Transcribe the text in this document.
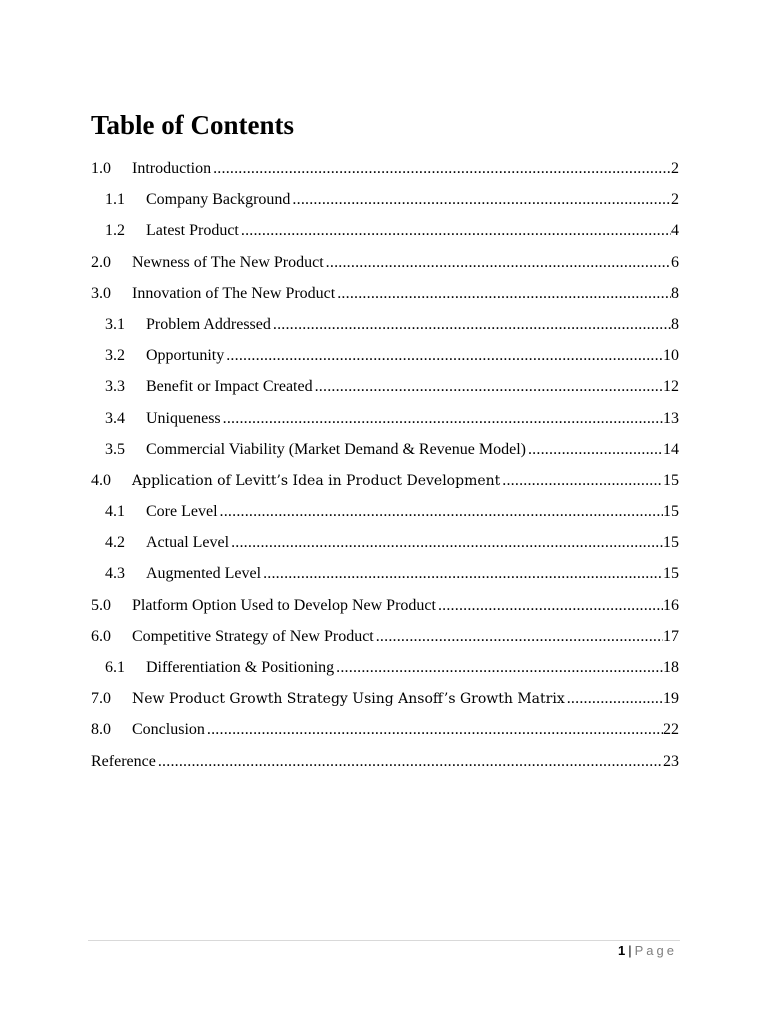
Table of Contents
1.0	Introduction .....	2
1.1	Company Background .....	2
1.2	Latest Product .....	4
2.0	Newness of The New Product .....	6
3.0	Innovation of The New Product .....	8
3.1	Problem Addressed .....	8
3.2	Opportunity .....	10
3.3	Benefit or Impact Created .....	12
3.4	Uniqueness .....	13
3.5	Commercial Viability (Market Demand & Revenue Model) .....	14
4.0	Application of Levitt’s Idea in Product Development .....	15
4.1	Core Level .....	15
4.2	Actual Level .....	15
4.3	Augmented Level .....	15
5.0	Platform Option Used to Develop New Product .....	16
6.0	Competitive Strategy of New Product .....	17
6.1	Differentiation & Positioning .....	18
7.0	New Product Growth Strategy Using Ansoff’s Growth Matrix .....	19
8.0	Conclusion .....	22
Reference .....	23
1 | Page
